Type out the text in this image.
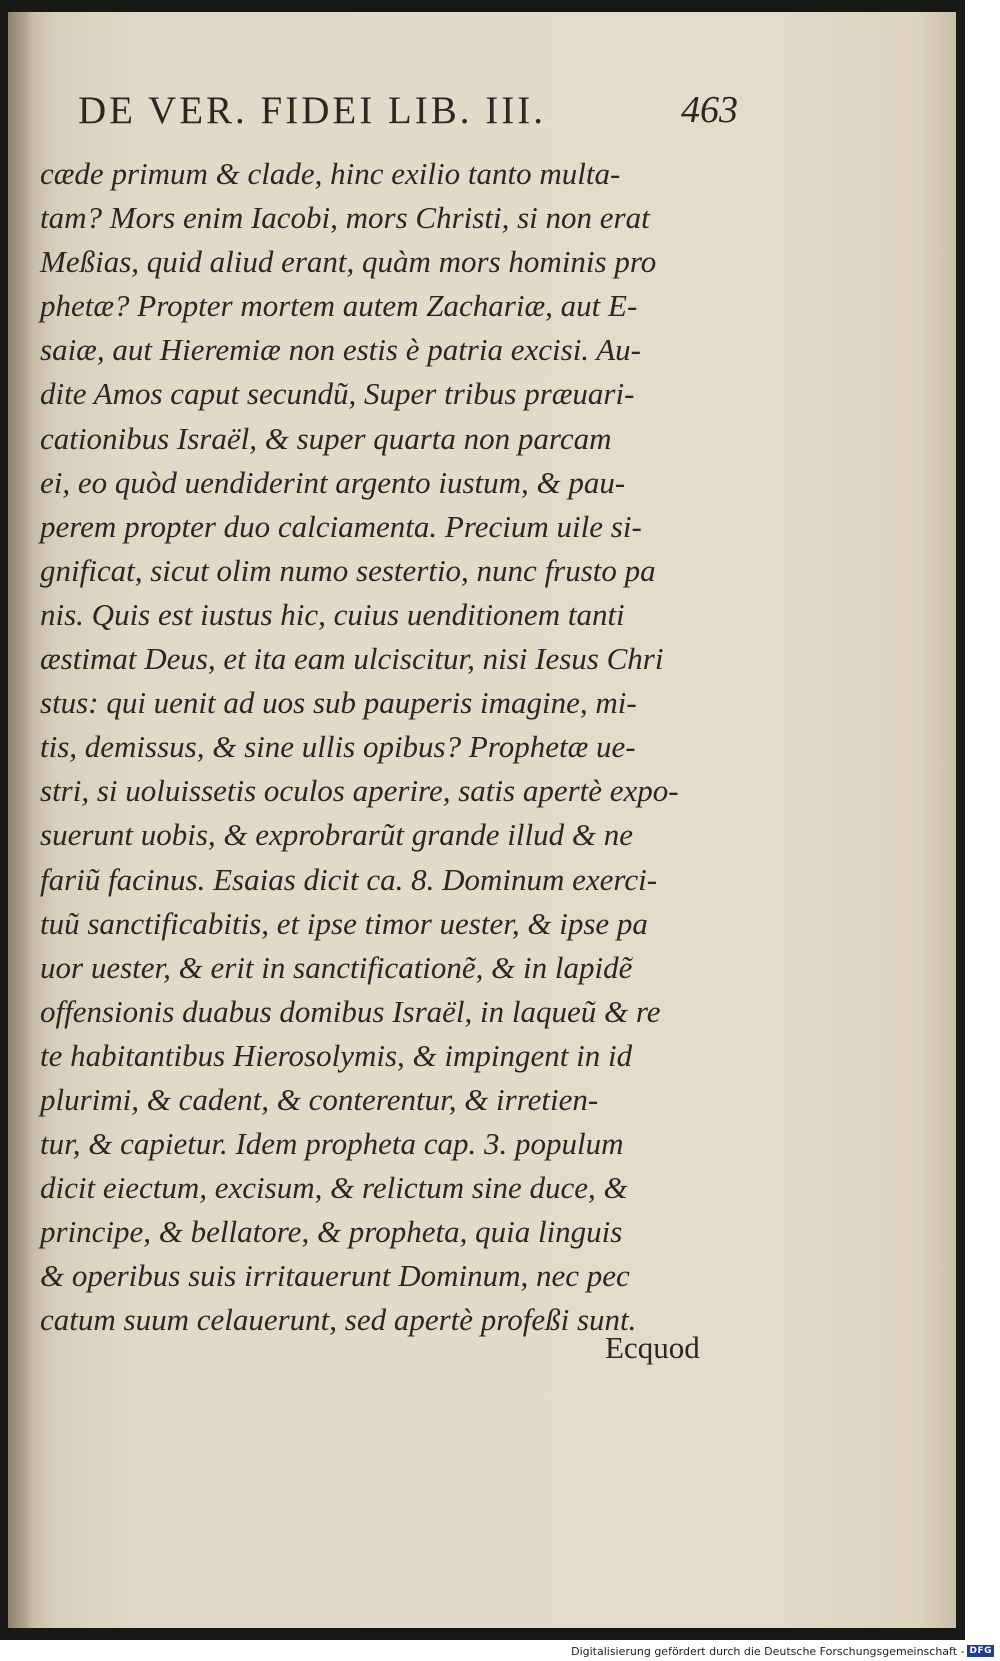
DE VER. FIDEI LIB. III.	463
cæde primum & clade, hinc exilio tanto multa-
tam? Mors enim Iacobi, mors Christi, si non erat
Meßias, quid aliud erant, quàm mors hominis pro
phetæ? Propter mortem autem Zachariæ, aut E-
saiæ, aut Hieremiæ non estis è patria excisi. Au-
dite Amos caput secundũ, Super tribus præuari-
cationibus Israël, & super quarta non parcam
ei, eo quòd uendiderint argento iustum, & pau-
perem propter duo calciamenta. Precium uile si-
gnificat, sicut olim numo sestertio, nunc frusto pa
nis. Quis est iustus hic, cuius uenditionem tanti
æstimat Deus, et ita eam ulciscitur, nisi Iesus Chri
stus: qui uenit ad uos sub pauperis imagine, mi-
tis, demissus, & sine ullis opibus? Prophetæ ue-
stri, si uoluissetis oculos aperire, satis apertè expo-
suerunt uobis, & exprobrarũt grande illud & ne
fariũ facinus. Esaias dicit ca. 8. Dominum exerci-
tuũ sanctificabitis, et ipse timor uester, & ipse pa
uor uester, & erit in sanctificationẽ, & in lapidẽ
offensionis duabus domibus Israël, in laqueũ & re
te habitantibus Hierosolymis, & impingent in id
plurimi, & cadent, & conterentur, & irretien-
tur, & capietur. Idem propheta cap. 3. populum
dicit eiectum, excisum, & relictum sine duce, &
principe, & bellatore, & propheta, quia linguis
& operibus suis irritauerunt Dominum, nec pec
catum suum celauerunt, sed apertè profeßi sunt.
Ecquod
Digitalisierung gefördert durch die Deutsche Forschungsgemeinschaft - DFG
